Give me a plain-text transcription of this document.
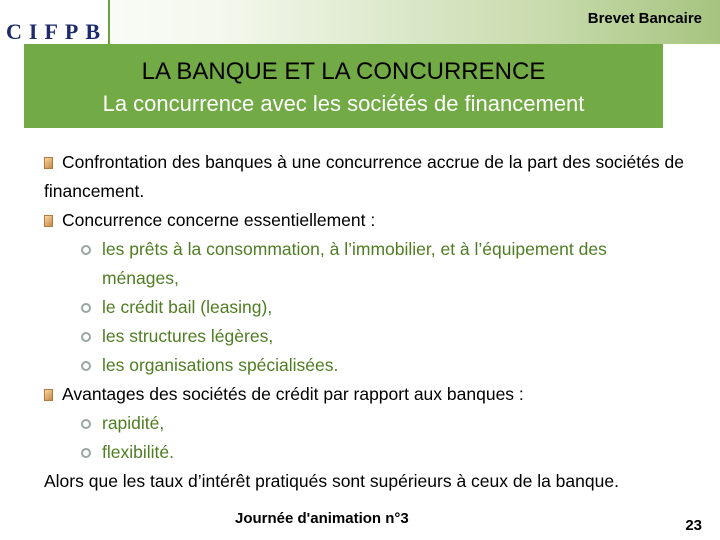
CIFPB
Brevet Bancaire
LA BANQUE ET LA CONCURRENCE
La concurrence avec les sociétés de financement

Confrontation des banques à une concurrence accrue de la part des sociétés de financement.

Concurrence concerne essentiellement :

les prêts à la consommation, à l’immobilier, et à l’équipement des ménages,

le crédit bail (leasing),

les structures légères,

les organisations spécialisées.

Avantages des sociétés de crédit par rapport aux banques :

rapidité,

flexibilité.

Alors que les taux d’intérêt pratiqués sont supérieurs à ceux de la banque.

Journée d'animation n°3	23
